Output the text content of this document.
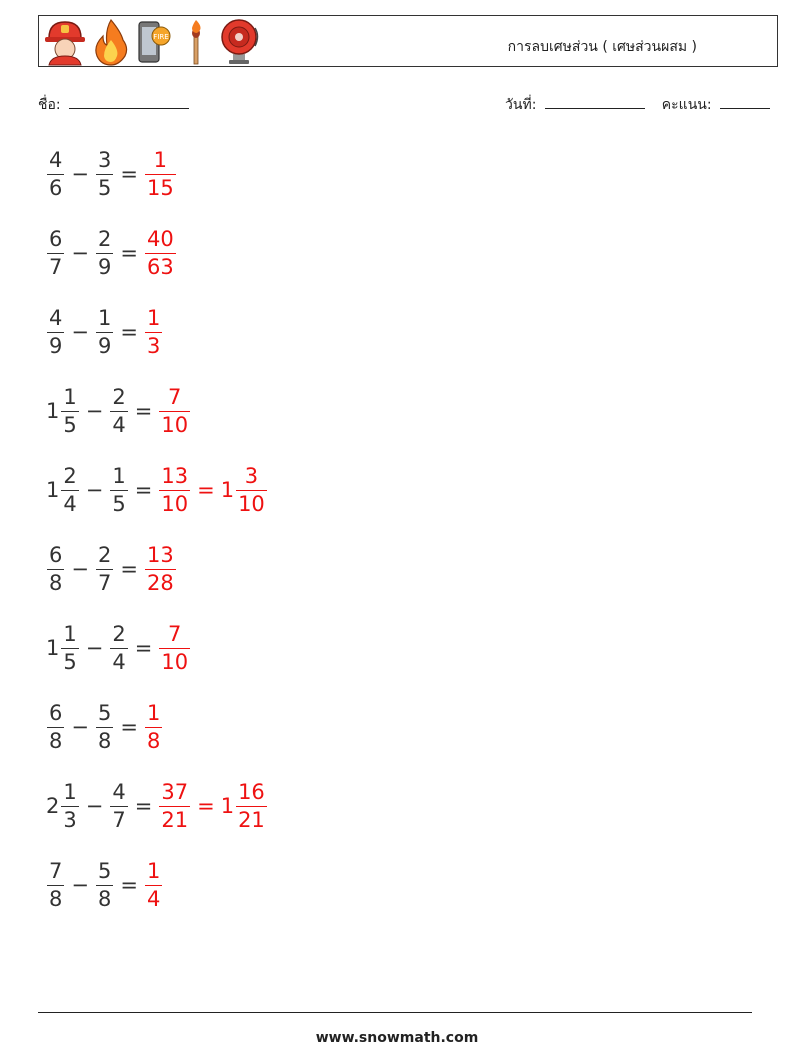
FIRE
การลบเศษส่วน ( เศษส่วนผสม )
ชื่อ:	วันที่:	คะแนน:
$\frac{4}{6} - \frac{3}{5} = \frac{1}{15}$
$\frac{6}{7} - \frac{2}{9} = \frac{40}{63}$
$\frac{4}{9} - \frac{1}{9} = \frac{1}{3}$
$1 \frac{1}{5} - \frac{2}{4} = \frac{7}{10}$
$1 \frac{2}{4} - \frac{1}{5} = \frac{13}{10} = 1 \frac{3}{10}$
$\frac{6}{8} - \frac{2}{7} = \frac{13}{28}$
$1 \frac{1}{5} - \frac{2}{4} = \frac{7}{10}$
$\frac{6}{8} - \frac{5}{8} = \frac{1}{8}$
$2 \frac{1}{3} - \frac{4}{7} = \frac{37}{21} = 1 \frac{16}{21}$
$\frac{7}{8} - \frac{5}{8} = \frac{1}{4}$
www.snowmath.com
